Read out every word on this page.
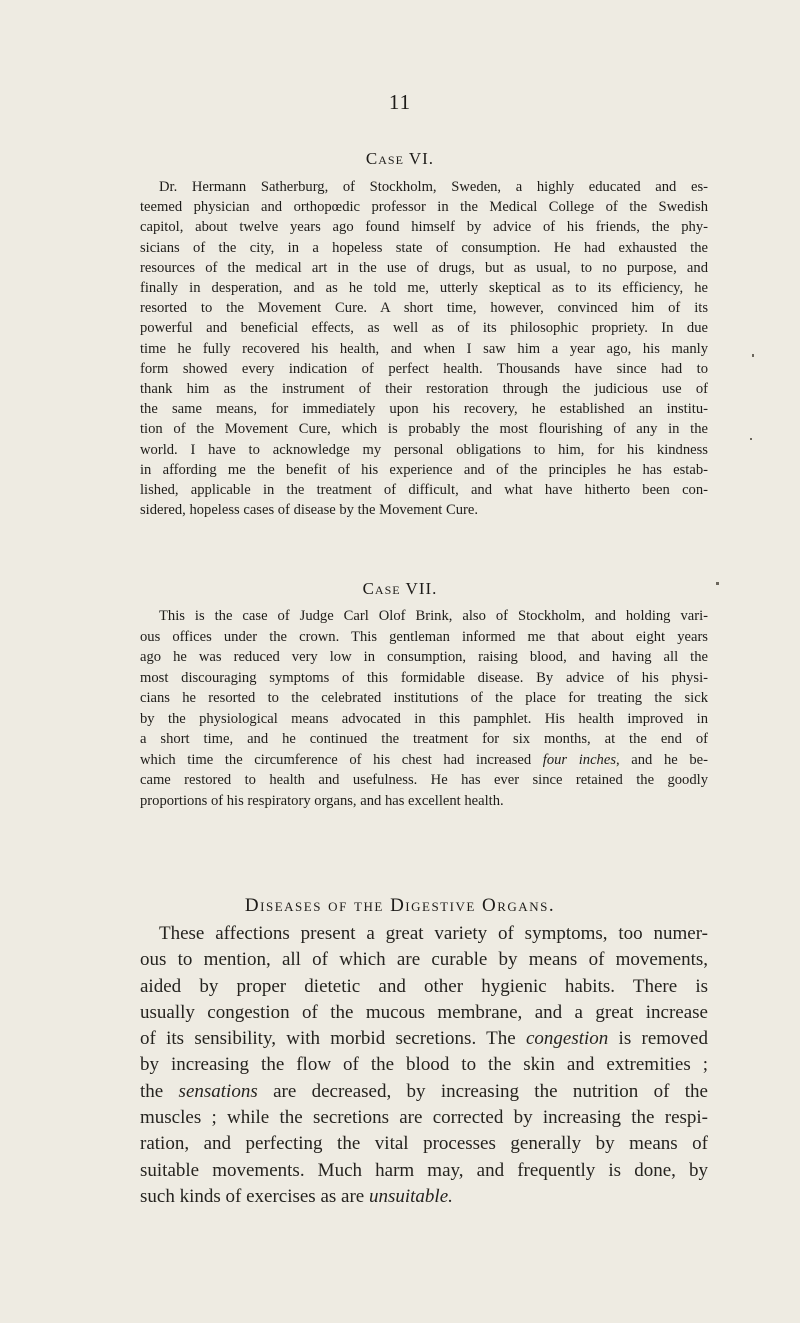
11
Case VI.

Dr. Hermann Satherburg, of Stockholm, Sweden, a highly educated and es-
teemed physician and orthopœdic professor in the Medical College of the Swedish
capitol, about twelve years ago found himself by advice of his friends, the phy-
sicians of the city, in a hopeless state of consumption. He had exhausted the
resources of the medical art in the use of drugs, but as usual, to no purpose, and
finally in desperation, and as he told me, utterly skeptical as to its efficiency, he
resorted to the Movement Cure. A short time, however, convinced him of its
powerful and beneficial effects, as well as of its philosophic propriety. In due
time he fully recovered his health, and when I saw him a year ago, his manly
form showed every indication of perfect health. Thousands have since had to
thank him as the instrument of their restoration through the judicious use of
the same means, for immediately upon his recovery, he established an institu-
tion of the Movement Cure, which is probably the most flourishing of any in the
world. I have to acknowledge my personal obligations to him, for his kindness
in affording me the benefit of his experience and of the principles he has estab-
lished, applicable in the treatment of difficult, and what have hitherto been con-
sidered, hopeless cases of disease by the Movement Cure.

Case VII.

This is the case of Judge Carl Olof Brink, also of Stockholm, and holding vari-
ous offices under the crown. This gentleman informed me that about eight years
ago he was reduced very low in consumption, raising blood, and having all the
most discouraging symptoms of this formidable disease. By advice of his physi-
cians he resorted to the celebrated institutions of the place for treating the sick
by the physiological means advocated in this pamphlet. His health improved in
a short time, and he continued the treatment for six months, at the end of
which time the circumference of his chest had increased four inches, and he be-
came restored to health and usefulness. He has ever since retained the goodly
proportions of his respiratory organs, and has excellent health.

Diseases of the Digestive Organs.

These affections present a great variety of symptoms, too numer-
ous to mention, all of which are curable by means of movements,
aided by proper dietetic and other hygienic habits. There is
usually congestion of the mucous membrane, and a great increase
of its sensibility, with morbid secretions. The congestion is removed
by increasing the flow of the blood to the skin and extremities ;
the sensations are decreased, by increasing the nutrition of the
muscles ; while the secretions are corrected by increasing the respi-
ration, and perfecting the vital processes generally by means of
suitable movements. Much harm may, and frequently is done, by
such kinds of exercises as are unsuitable.
